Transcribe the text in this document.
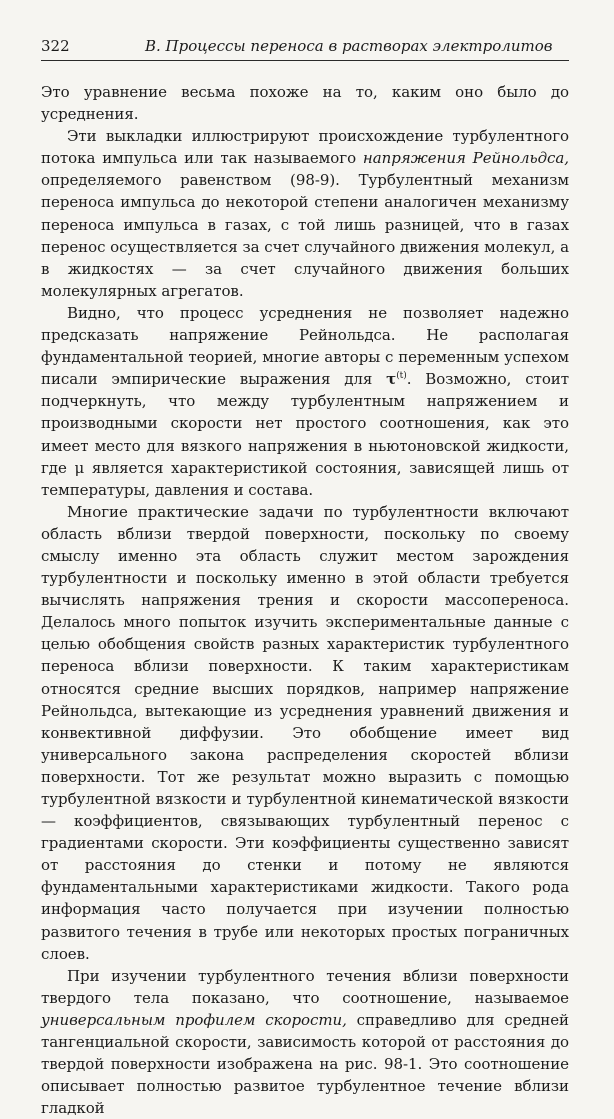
322	В. Процессы переноса в растворах электролитов

Это уравнение весьма похоже на то, каким оно было до усреднения.

Эти выкладки иллюстрируют происхождение турбулентного потока импульса или так называемого напряжения Рейнольдса, определяемого равенством (98-9). Турбулентный механизм переноса импульса до некоторой степени аналогичен механизму переноса импульса в газах, с той лишь разницей, что в газах перенос осуществляется за счет случайного движения молекул, а в жидкостях — за счет случайного движения больших молекулярных агрегатов.

Видно, что процесс усреднения не позволяет надежно предсказать напряжение Рейнольдса. Не располагая фундаментальной теорией, многие авторы с переменным успехом писали эмпирические выражения для $\tau^{(t)}$. Возможно, стоит подчеркнуть, что между турбулентным напряжением и производными скорости нет простого соотношения, как это имеет место для вязкого напряжения в ньютоновской жидкости, где μ является характеристикой состояния, зависящей лишь от температуры, давления и состава.

Многие практические задачи по турбулентности включают область вблизи твердой поверхности, поскольку по своему смыслу именно эта область служит местом зарождения турбулентности и поскольку именно в этой области требуется вычислять напряжения трения и скорости массопереноса. Делалось много попыток изучить экспериментальные данные с целью обобщения свойств разных характеристик турбулентного переноса вблизи поверхности. К таким характеристикам относятся средние высших порядков, например напряжение Рейнольдса, вытекающие из усреднения уравнений движения и конвективной диффузии. Это обобщение имеет вид универсального закона распределения скоростей вблизи поверхности. Тот же результат можно выразить с помощью турбулентной вязкости и турбулентной кинематической вязкости — коэффициентов, связывающих турбулентный перенос с градиентами скорости. Эти коэффициенты существенно зависят от расстояния до стенки и потому не являются фундаментальными характеристиками жидкости. Такого рода информация часто получается при изучении полностью развитого течения в трубе или некоторых простых пограничных слоев.

При изучении турбулентного течения вблизи поверхности твердого тела показано, что соотношение, называемое универсальным профилем скорости, справедливо для средней тангенциальной скорости, зависимость которой от расстояния до твердой поверхности изображена на рис. 98-1. Это соотношение описывает полностью развитое турбулентное течение вблизи гладкой
